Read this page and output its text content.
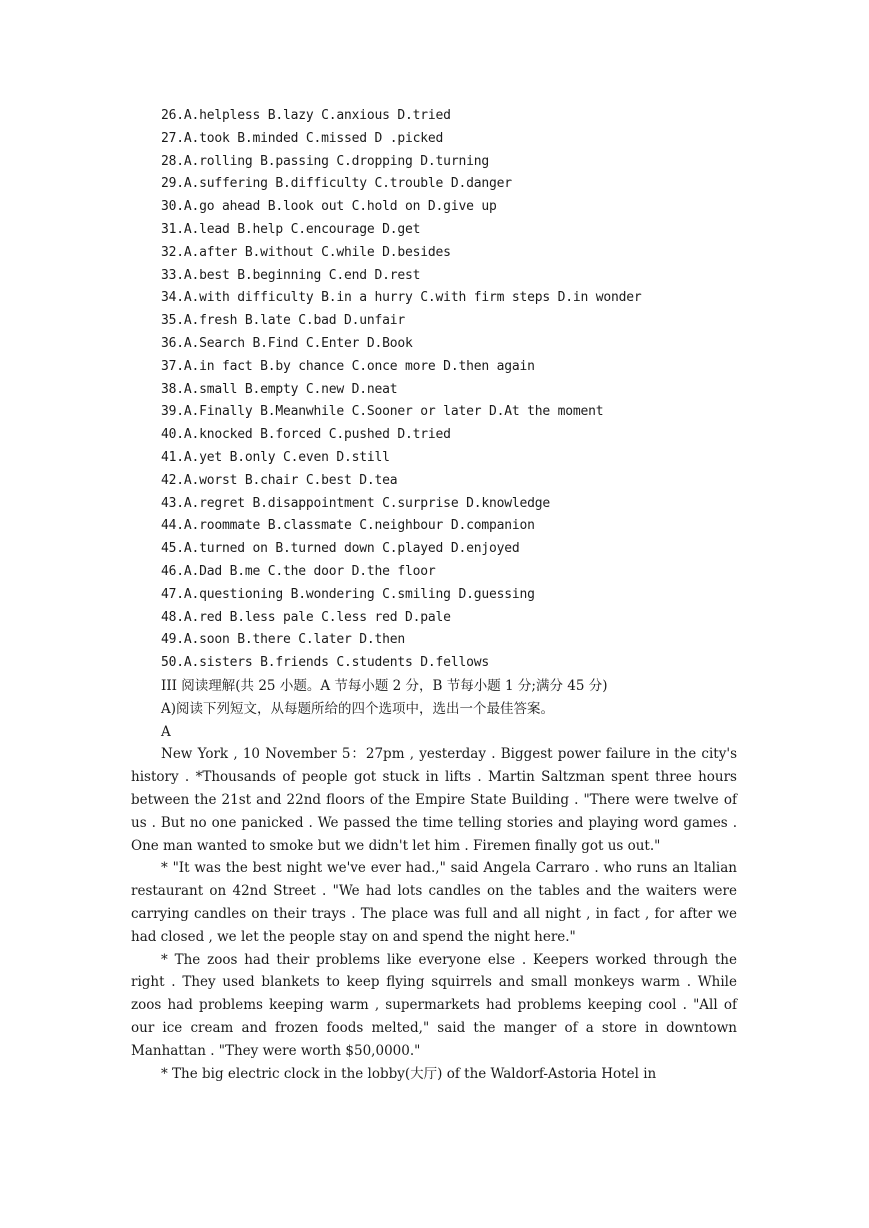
26.A.helpless B.lazy C.anxious D.tried
27.A.took B.minded C.missed D .picked
28.A.rolling B.passing C.dropping D.turning
29.A.suffering B.difficulty C.trouble D.danger
30.A.go ahead B.look out C.hold on D.give up
31.A.lead B.help C.encourage D.get
32.A.after B.without C.while D.besides
33.A.best B.beginning C.end D.rest
34.A.with difficulty B.in a hurry C.with firm steps D.in wonder
35.A.fresh B.late C.bad D.unfair
36.A.Search B.Find C.Enter D.Book
37.A.in fact B.by chance C.once more D.then again
38.A.small B.empty C.new D.neat
39.A.Finally B.Meanwhile C.Sooner or later D.At the moment
40.A.knocked B.forced C.pushed D.tried
41.A.yet B.only C.even D.still
42.A.worst B.chair C.best D.tea
43.A.regret B.disappointment C.surprise D.knowledge
44.A.roommate B.classmate C.neighbour D.companion
45.A.turned on B.turned down C.played D.enjoyed
46.A.Dad B.me C.the door D.the floor
47.A.questioning B.wondering C.smiling D.guessing
48.A.red B.less pale C.less red D.pale
49.A.soon B.there C.later D.then
50.A.sisters B.friends C.students D.fellows
III 阅读理解(共 25 小题。A 节每小题 2 分，B 节每小题 1 分;满分 45 分)
A)阅读下列短文，从每题所给的四个选项中，选出一个最佳答案。
A

New York , 10 November 5：27pm , yesterday . Biggest power failure in the city's history . *Thousands of people got stuck in lifts . Martin Saltzman spent three hours between the 21st and 22nd floors of the Empire State Building . "There were twelve of us . But no one panicked . We passed the time telling stories and playing word games . One man wanted to smoke but we didn't let him . Firemen finally got us out."

* "It was the best night we've ever had.," said Angela Carraro . who runs an ltalian restaurant on 42nd Street . "We had lots candles on the tables and the waiters were carrying candles on their trays . The place was full and all night , in fact , for after we had closed , we let the people stay on and spend the night here."

* The zoos had their problems like everyone else . Keepers worked through the right . They used blankets to keep flying squirrels and small monkeys warm . While zoos had problems keeping warm , supermarkets had problems keeping cool . "All of our ice cream and frozen foods melted," said the manger of a store in downtown Manhattan . "They were worth $50,0000."

* The big electric clock in the lobby(大厅) of the Waldorf-Astoria Hotel in
